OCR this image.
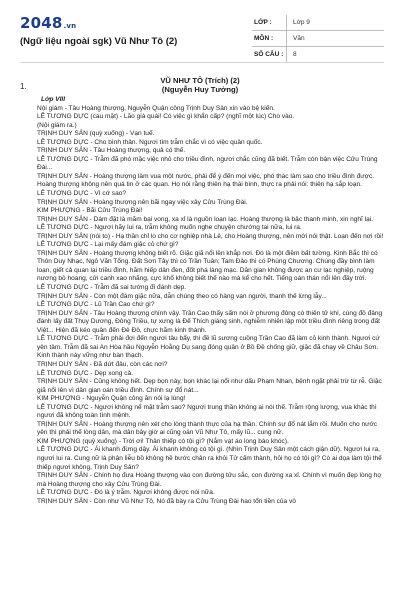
2048.vn
(Ngữ liệu ngoài sgk) Vũ Như Tô (2)
LỚP :	Lớp 9
MÔN :	Văn
SỐ CÂU :	8
1.
VŨ NHƯ TÔ (Trích) (2)
(Nguyễn Huy Tưởng)

Lớp VIII

Nội giám - Tâu Hoàng thượng, Nguyễn Quận công Trịnh Duy Sản xin vào bệ kiến.

LÊ TƯƠNG DỰC (cau mặt) - Lão già quái! Có việc gì khẩn cấp? (nghĩ một lúc) Cho vào.

(Nội giám ra.)

TRỊNH DUY SẢN (quỳ xuống) - Vạn tuế.

LÊ TƯƠNG DỰC - Cho bình thân. Ngươi tìm trẫm chắc vì có việc quân quốc.

TRỊNH DUY SẢN - Tâu Hoàng thượng, quả có thế.

LÊ TƯƠNG DỰC - Trẫm đã phó mặc việc nhỏ cho triều đình, ngươi chắc cũng đã biết. Trẫm còn bận việc Cửu Trùng Đài...

TRỊNH DUY SẢN - Hoàng thượng làm vua một nước, phải để ý đến mọi việc, phó thác làm sao cho triều đình được. Hoàng thượng không nên quá tin ở các quan. Họ nói rằng thiên hạ thái bình, thực ra phải nói: thiên hạ sắp loạn.

LÊ TƯƠNG DỰC - Vì cớ sao?

TRỊNH DUY SẢN - Hoàng thượng nên bãi ngay việc xây Cửu Trùng Đài.

KIM PHƯỢNG - Bãi Cửu Trùng Đài!

TRỊNH DUY SẢN - Dám đặt là mãm bại vong, xa xỉ là nguồn loạn lạc. Hoàng thượng là bậc thanh minh, xin nghĩ lại.

LÊ TƯƠNG DỰC - Ngươi hãy lui ra, trẫm không muốn nghe chuyện chướng tai nữa, lui ra.

TRỊNH DUY SẢN (nói to) - Hạ thần chỉ lo cho cơ nghiệp nhà Lê, cho Hoàng thượng, nên mới nói thật. Loạn đến nơi rồi!

LÊ TƯƠNG DỰC - Lại mấy đám giặc cỏ chứ gì?

TRỊNH DUY SẢN - Hoàng thượng không biết rõ. Giặc giã nổi lên khắp nơi. Đó là một điềm bất tường. Kinh Bắc thì có Thôn Duy Nhạc, Ngô Văn Tổng. Đất Sơn Tây thì có Trần Tuân; Tam Đảo thì có Phùng Chương. Chúng đầy bình làm loạn, giết cả quan lại triều đình, hãm hiếp dân đen, đốt phá làng mạc. Dân gian không được an cư lạc nghiệp, ruộng nương bỏ hoang, cửi canh xao nhãng, cực khổ không biết thế nào mà kể cho hết. Tiếng oán thán nổi lên đầy trời.

LÊ TƯƠNG DỰC - Trẫm đã sai tướng đi đánh dẹp.

TRỊNH DUY SẢN - Còn một đám giặc nữa, dẫn chúng theo có hàng vạn người, thanh thế lừng lẫy...

LÊ TƯƠNG DỰC - Lũ Trần Cao chứ gì?

TRỊNH DUY SẢN - Tâu Hoàng thượng chính vậy. Trần Cao thấy sấm nói ở phương đông có thiên tử khí, cùng đồ đảng đánh lấy đất Thụy Dương, Đông Triều, tự xưng là Đế Thích giáng sinh, nghiễm nhiên lập một triều đình riêng trong đất Việt... Hiện đã kéo quân đến Đê Đô, chực hãm kinh thành.

LÊ TƯƠNG DỰC - Trẫm phải đợi đến ngươi tâu bẩy, thì đề lũ sương cuồng Trần Cao đã làm cỏ kinh thành. Ngươi cứ yên tâm. Trẫm đã sai An Hòa hầu Nguyễn Hoằng Dụ sang đóng quân ở Bồ Đề chống giữ, giặc đã chạy về Châu Sơn. Kinh thành này vững như bàn thạch.

TRỊNH DUY SẢN - Đã dứt đâu, còn các nơi?

LÊ TƯƠNG DỰC - Dẹp xong cả.

TRỊNH DUY SẢN - Cũng không hết. Dẹp bọn này, bọn khác lại nổi như dấu Phạm Nhan, bệnh ngặt phải trừ từ rễ. Giặc giã nổi lên vì dân gian oán triều đình. Chính sự đổ nát...

KIM PHƯỢNG - Nguyễn Quận công ăn nói lạ lùng!

LÊ TƯƠNG DỰC - Ngươi không nể mặt trẫm sao? Ngươi trung thần không ai nói thế. Trẫm rộng lượng, vua khác thì ngươi đã không toàn tính mệnh.

TRỊNH DUY SẢN - Hoàng thượng nên xét cho lòng thành thực của hạ thần. Chính sự đổ nát lắm rồi. Muốn cho nước yên thì phải thế lòng dân, mà dân bây giờ ai cũng oán Vũ Như Tô, mấy lũ... cung nữ.

KIM PHƯỢNG (quỳ xuống) - Trời ơi! Thân thiếp có tội gì? (Nắm vạt áo long bào khóc).

LÊ TƯƠNG DỰC - Ái khanh đừng dậy. Ái khanh không có tội gì. (Nhìn Trịnh Duy Sản một cách giận dữ). Ngươi lui ra, ngươi lui ra. Cung nữ là phận liễu bồ không hề bước chân ra khỏi Tử cấm thành, hỏi họ có tội gì? Cò ai dọa làm tội thế thiếp ngươi không, Trịnh Duy Sản?

TRỊNH DUY SẢN - Chính họ đưa Hoàng thượng vào con đường tửu sắc, con đường xa xỉ. Chính vì muốn đẹp lòng họ mà Hoàng thượng cho xây Cửu Trùng Đài.

LÊ TƯƠNG DỰC - Đó là ý trẫm. Ngươi không được nói nữa.

TRỊNH DUY SẢN - Còn như Vũ Như Tô, Nó đã bày ra Cửu Trùng Đài hao tổn tiền của vô
